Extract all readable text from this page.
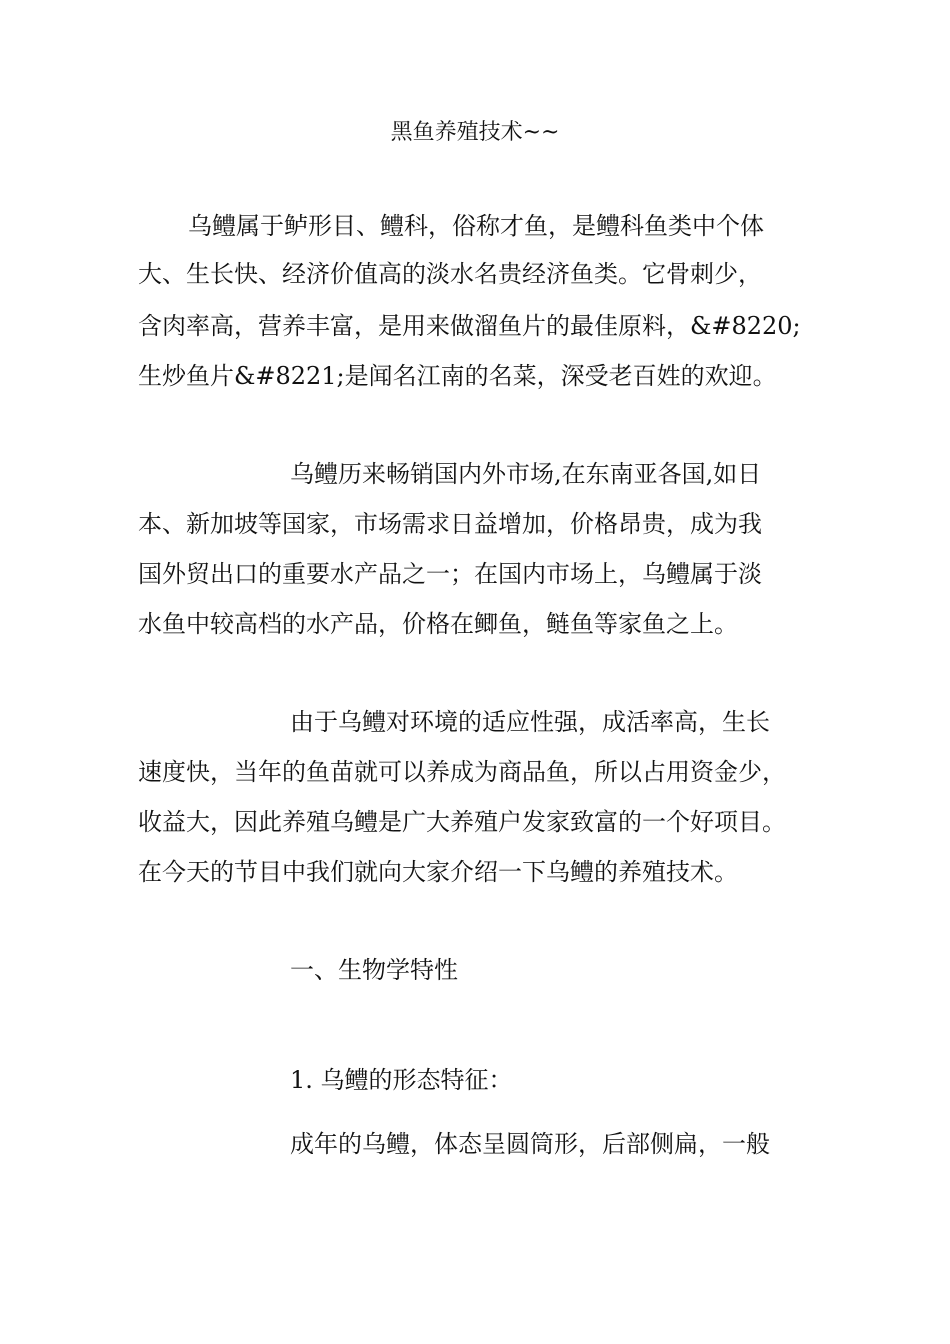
黑鱼养殖技术~~
乌鳢属于鲈形目、鳢科，俗称才鱼，是鳢科鱼类中个体
大、生长快、经济价值高的淡水名贵经济鱼类。它骨刺少，
含肉率高，营养丰富，是用来做溜鱼片的最佳原料，&#8220;
生炒鱼片&#8221;是闻名江南的名菜，深受老百姓的欢迎。
乌鳢历来畅销国内外市场,在东南亚各国,如日
本、新加坡等国家，市场需求日益增加，价格昂贵，成为我
国外贸出口的重要水产品之一；在国内市场上，乌鳢属于淡
水鱼中较高档的水产品，价格在鲫鱼，鲢鱼等家鱼之上。
由于乌鳢对环境的适应性强，成活率高，生长
速度快，当年的鱼苗就可以养成为商品鱼，所以占用资金少，
收益大，因此养殖乌鳢是广大养殖户发家致富的一个好项目。
在今天的节目中我们就向大家介绍一下乌鳢的养殖技术。
一、生物学特性
1. 乌鳢的形态特征：
成年的乌鳢，体态呈圆筒形，后部侧扁，一般
